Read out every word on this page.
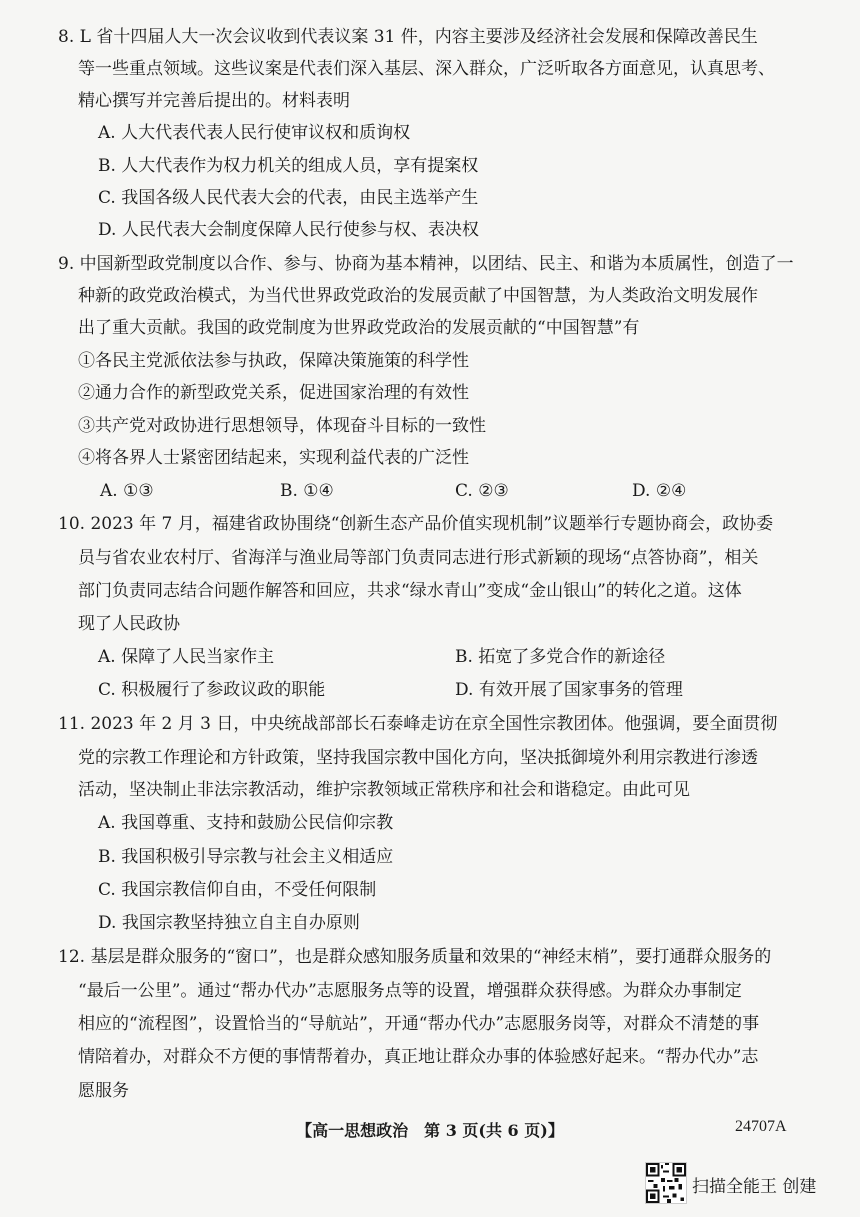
8. L 省十四届人大一次会议收到代表议案 31 件，内容主要涉及经济社会发展和保障改善民生
等一些重点领域。这些议案是代表们深入基层、深入群众，广泛听取各方面意见，认真思考、
精心撰写并完善后提出的。材料表明
A. 人大代表代表人民行使审议权和质询权
B. 人大代表作为权力机关的组成人员，享有提案权
C. 我国各级人民代表大会的代表，由民主选举产生
D. 人民代表大会制度保障人民行使参与权、表决权
9. 中国新型政党制度以合作、参与、协商为基本精神，以团结、民主、和谐为本质属性，创造了一
种新的政党政治模式，为当代世界政党政治的发展贡献了中国智慧，为人类政治文明发展作
出了重大贡献。我国的政党制度为世界政党政治的发展贡献的“中国智慧”有
①各民主党派依法参与执政，保障决策施策的科学性
②通力合作的新型政党关系，促进国家治理的有效性
③共产党对政协进行思想领导，体现奋斗目标的一致性
④将各界人士紧密团结起来，实现利益代表的广泛性
A. ①③	B. ①④	C. ②③	D. ②④
10. 2023 年 7 月，福建省政协围绕“创新生态产品价值实现机制”议题举行专题协商会，政协委
员与省农业农村厅、省海洋与渔业局等部门负责同志进行形式新颖的现场“点答协商”，相关
部门负责同志结合问题作解答和回应，共求“绿水青山”变成“金山银山”的转化之道。这体
现了人民政协
A. 保障了人民当家作主	B. 拓宽了多党合作的新途径
C. 积极履行了参政议政的职能	D. 有效开展了国家事务的管理
11. 2023 年 2 月 3 日，中央统战部部长石泰峰走访在京全国性宗教团体。他强调，要全面贯彻
党的宗教工作理论和方针政策，坚持我国宗教中国化方向，坚决抵御境外利用宗教进行渗透
活动，坚决制止非法宗教活动，维护宗教领域正常秩序和社会和谐稳定。由此可见
A. 我国尊重、支持和鼓励公民信仰宗教
B. 我国积极引导宗教与社会主义相适应
C. 我国宗教信仰自由，不受任何限制
D. 我国宗教坚持独立自主自办原则
12. 基层是群众服务的“窗口”，也是群众感知服务质量和效果的“神经末梢”，要打通群众服务的
“最后一公里”。通过“帮办代办”志愿服务点等的设置，增强群众获得感。为群众办事制定
相应的“流程图”，设置恰当的“导航站”，开通“帮办代办”志愿服务岗等，对群众不清楚的事
情陪着办，对群众不方便的事情帮着办，真正地让群众办事的体验感好起来。“帮办代办”志
愿服务
【高一思想政治　第 3 页(共 6 页)】	24707A
扫描全能王 创建
